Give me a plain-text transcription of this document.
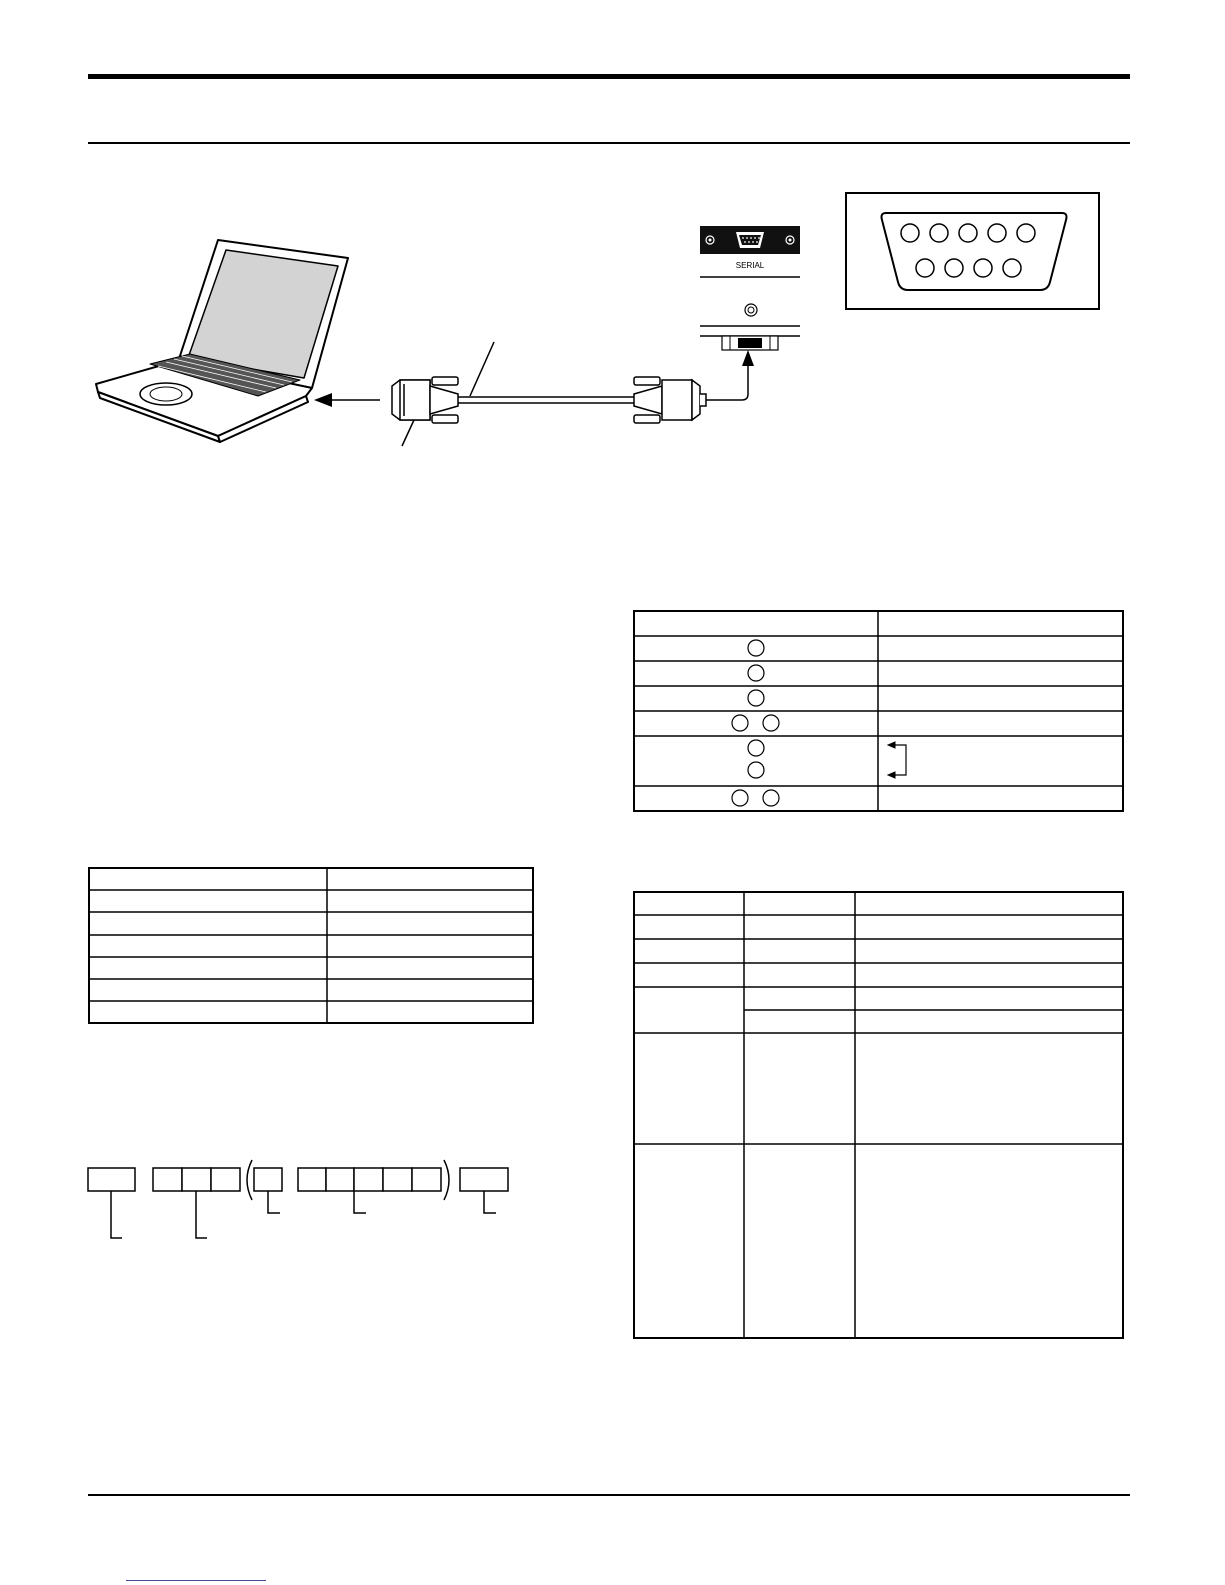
SERIAL
